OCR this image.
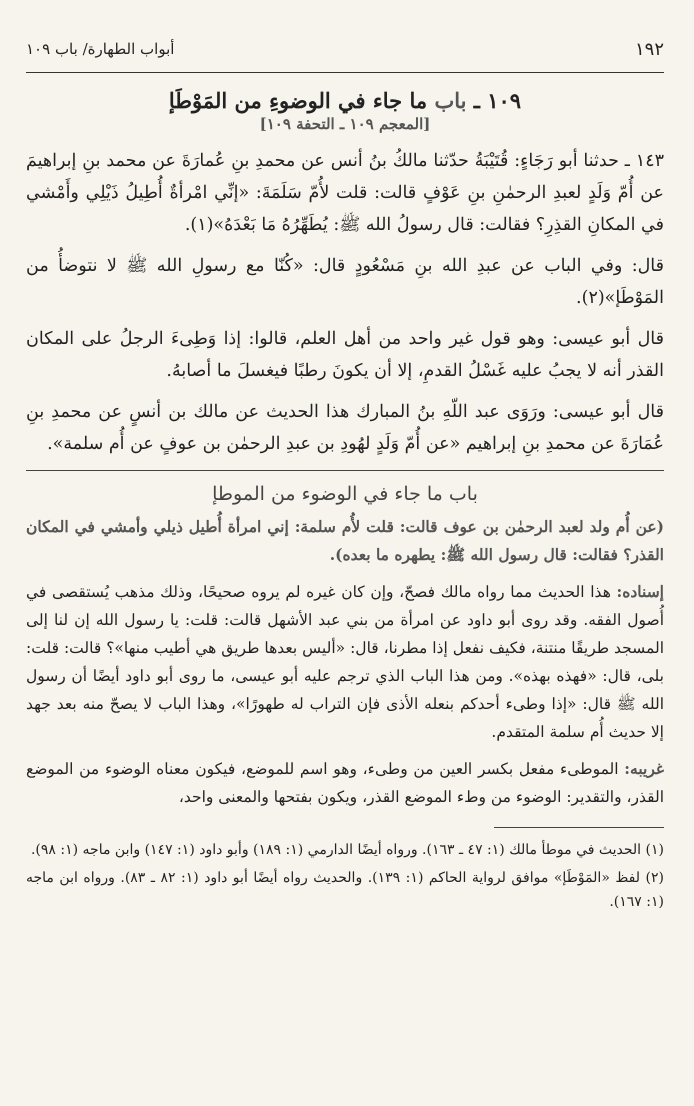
١٩٢
أبواب الطهارة/ باب ١٠٩
١٠٩ ـ باب ما جاء في الوضوءِ من المَوْطَإ
[المعجم ١٠٩ ـ التحفة ١٠٩]

١٤٣ ـ حدثنا أبو رَجَاءٍ: قُتَيْبَةُ حدّثنا مالكُ بنُ أنس عن محمدِ بنِ عُمارَةَ عن محمد بنِ إبراهيمَ عن أُمّ وَلَدٍ لعبدِ الرحمٰنِ بنِ عَوْفٍ قالت: قلت لأُمّ سَلَمَةَ: «إنِّي امْرأةٌ أُطِيلُ ذَيْلِي وأَمْشي في المكانِ القذِرِ؟ فقالت: قال رسولُ الله ﷺ: يُطَهِّرُهُ مَا بَعْدَهُ»(١).

قال: وفي الباب عن عبدِ الله بنِ مَسْعُودٍ قال: «كُنّا مع رسولِ الله ﷺ لا نتوضأُ من المَوْطَإ»(٢).

قال أبو عيسى: وهو قول غير واحد من أهل العلم، قالوا: إذا وَطِىءَ الرجلُ على المكان القذر أنه لا يجبُ عليه غَسْلُ القدمِ، إلا أن يكونَ رطبًا فيغسلَ ما أصابهُ.

قال أبو عيسى: ورَوَى عبد اللّهِ بنُ المبارك هذا الحديث عن مالك بن أنسٍ عن محمدِ بنِ عُمَارَةَ عن محمدِ بنِ إبراهيم «عن أُمّ وَلَدٍ لهُودِ بن عبدِ الرحمٰن بن عوفٍ عن أُم سلمة».

باب ما جاء في الوضوء من الموطإ

(عن أُم ولد لعبد الرحمٰن بن عوف قالت: قلت لأُم سلمة: إني امرأة أُطيل ذيلي وأمشي في المكان القذر؟ فقالت: قال رسول الله ﷺ: يطهره ما بعده).

إسناده: هذا الحديث مما رواه مالك فصحّ، وإن كان غيره لم يروه صحيحًا، وذلك مذهب يُستقصى في أُصول الفقه. وقد روى أبو داود عن امرأة من بني عبد الأشهل قالت: قلت: يا رسول الله إن لنا إلى المسجد طريقًا منتنة، فكيف نفعل إذا مطرنا، قال: «أليس بعدها طريق هي أطيب منها»؟ قالت: قلت: بلى، قال: «فهذه بهذه». ومن هذا الباب الذي ترجم عليه أبو عيسى، ما روى أبو داود أيضًا أن رسول الله ﷺ قال: «إذا وطىء أحدكم بنعله الأذى فإن التراب له طهورًا»، وهذا الباب لا يصحّ منه بعد جهد إلا حديث أُم سلمة المتقدم.

غريبه: الموطىء مفعل بكسر العين من وطىء، وهو اسم للموضع، فيكون معناه الوضوء من الموضع القذر، والتقدير: الوضوء من وطء الموضع القذر، ويكون بفتحها والمعنى واحد،

(١) الحديث في موطأ مالك (١: ٤٧ ـ ١٦٣). ورواه أيضًا الدارمي (١: ١٨٩) وأبو داود (١: ١٤٧) وابن ماجه (١: ٩٨).

(٢) لفظ «المَوْطَإ» موافق لرواية الحاكم (١: ١٣٩). والحديث رواه أيضًا أبو داود (١: ٨٢ ـ ٨٣). ورواه ابن ماجه (١: ١٦٧).
